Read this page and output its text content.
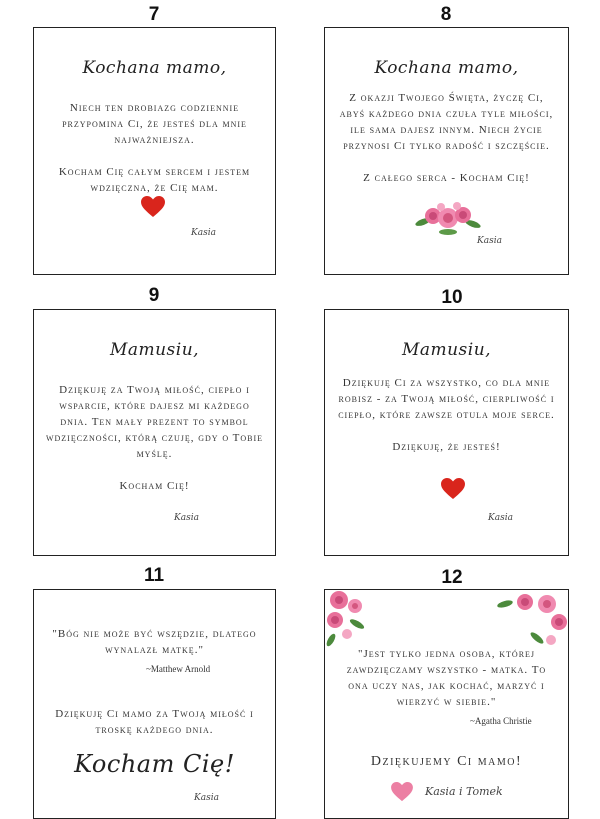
7
Kochana mamo,

Niech ten drobiazg codziennie przypomina Ci, że jesteś dla mnie najważniejsza.

Kocham Cię całym sercem i jestem wdzięczna, że Cię mam.

Kasia
8
Kochana mamo,

Z okazji Twojego Święta, życzę Ci, abyś każdego dnia czuła tyle miłości, ile sama dajesz innym. Niech życie przynosi Ci tylko radość i szczęście.

Z całego serca - Kocham Cię!

Kasia
9
Mamusiu,

Dziękuję za Twoją miłość, ciepło i wsparcie, które dajesz mi każdego dnia. Ten mały prezent to symbol wdzięczności, którą czuję, gdy o Tobie myślę.

Kocham Cię!

Kasia
10
Mamusiu,

Dziękuję Ci za wszystko, co dla mnie robisz - za Twoją miłość, cierpliwość i ciepło, które zawsze otula moje serce.

Dziękuję, że jesteś!

Kasia
11
"Bóg nie może być wszędzie, dlatego wynalazł matkę."
~Matthew Arnold
Dziękuję Ci mamo za Twoją miłość i troskę każdego dnia.
Kocham Cię!
Kasia
12
"Jest tylko jedna osoba, której zawdzięczamy wszystko - matka. To ona uczy nas, jak kochać, marzyć i wierzyć w siebie."
~Agatha Christie
Dziękujemy Ci mamo!
Kasia i Tomek
